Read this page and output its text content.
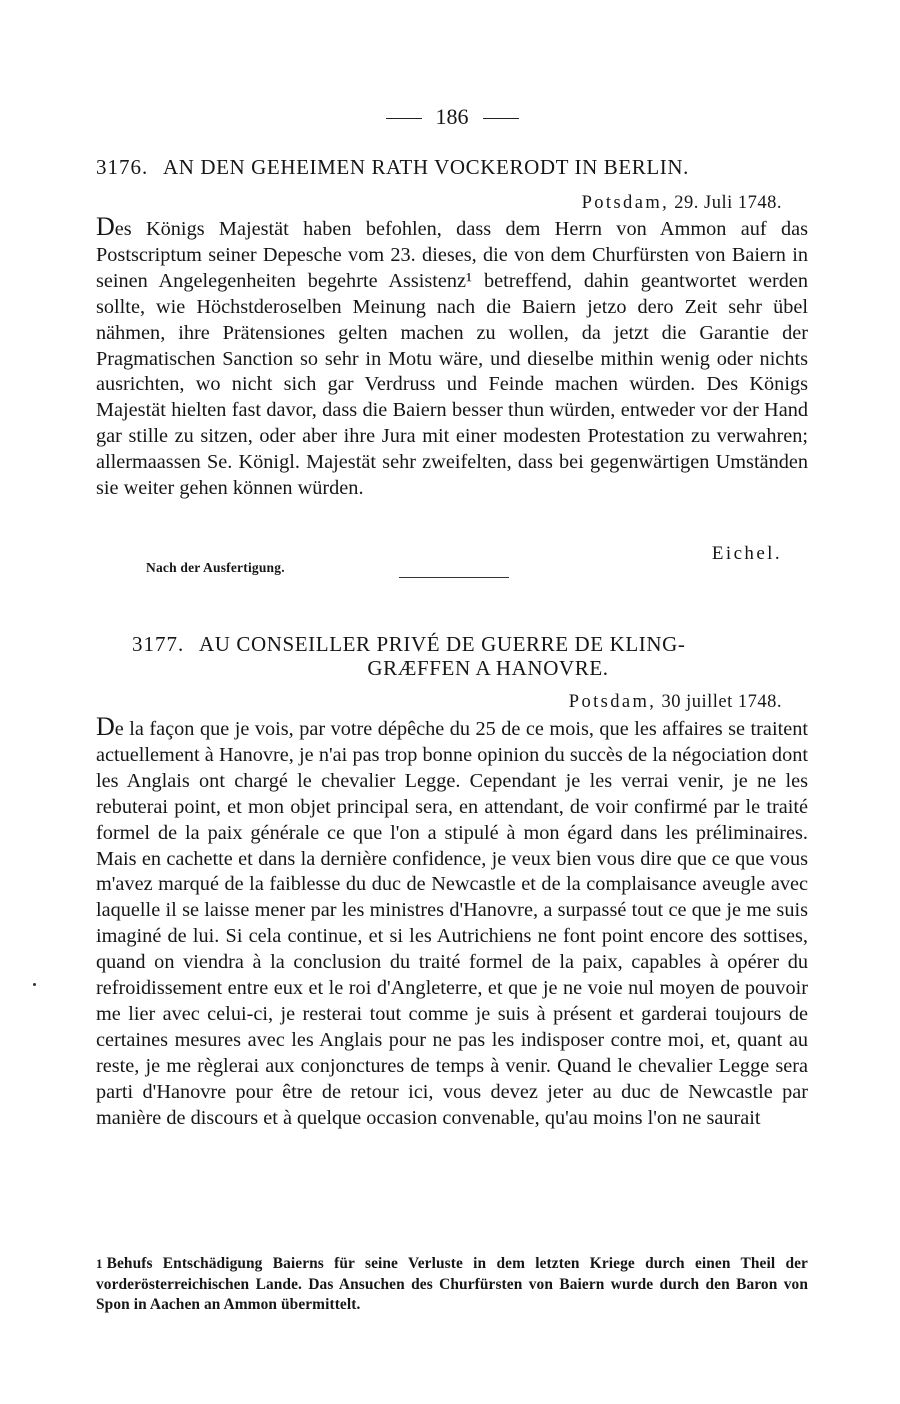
186
3176. AN DEN GEHEIMEN RATH VOCKERODT IN BERLIN.
Potsdam, 29. Juli 1748.
Des Königs Majestät haben befohlen, dass dem Herrn von Ammon auf das Postscriptum seiner Depesche vom 23. dieses, die von dem Churfürsten von Baiern in seinen Angelegenheiten begehrte Assistenz¹ betreffend, dahin geantwortet werden sollte, wie Höchstderoselben Meinung nach die Baiern jetzo dero Zeit sehr übel nähmen, ihre Prätensiones gelten machen zu wollen, da jetzt die Garantie der Pragmatischen Sanction so sehr in Motu wäre, und dieselbe mithin wenig oder nichts ausrichten, wo nicht sich gar Verdruss und Feinde machen würden. Des Königs Majestät hielten fast davor, dass die Baiern besser thun würden, entweder vor der Hand gar stille zu sitzen, oder aber ihre Jura mit einer modesten Protestation zu verwahren; allermaassen Se. Königl. Majestät sehr zweifelten, dass bei gegenwärtigen Umständen sie weiter gehen können würden.
Eichel.
Nach der Ausfertigung.
3177. AU CONSEILLER PRIVÉ DE GUERRE DE KLING-
GRÆFFEN A HANOVRE.
Potsdam, 30 juillet 1748.
De la façon que je vois, par votre dépêche du 25 de ce mois, que les affaires se traitent actuellement à Hanovre, je n'ai pas trop bonne opinion du succès de la négociation dont les Anglais ont chargé le chevalier Legge. Cependant je les verrai venir, je ne les rebuterai point, et mon objet principal sera, en attendant, de voir confirmé par le traité formel de la paix générale ce que l'on a stipulé à mon égard dans les préliminaires. Mais en cachette et dans la dernière confidence, je veux bien vous dire que ce que vous m'avez marqué de la faiblesse du duc de Newcastle et de la complaisance aveugle avec laquelle il se laisse mener par les ministres d'Hanovre, a surpassé tout ce que je me suis imaginé de lui. Si cela continue, et si les Autrichiens ne font point encore des sottises, quand on viendra à la conclusion du traité formel de la paix, capables à opérer du refroidissement entre eux et le roi d'Angleterre, et que je ne voie nul moyen de pouvoir me lier avec celui-ci, je resterai tout comme je suis à présent et garderai toujours de certaines mesures avec les Anglais pour ne pas les indisposer contre moi, et, quant au reste, je me règlerai aux conjonctures de temps à venir. Quand le chevalier Legge sera parti d'Hanovre pour être de retour ici, vous devez jeter au duc de Newcastle par manière de discours et à quelque occasion convenable, qu'au moins l'on ne saurait
1 Behufs Entschädigung Baierns für seine Verluste in dem letzten Kriege durch einen Theil der vorderösterreichischen Lande. Das Ansuchen des Churfürsten von Baiern wurde durch den Baron von Spon in Aachen an Ammon übermittelt.
